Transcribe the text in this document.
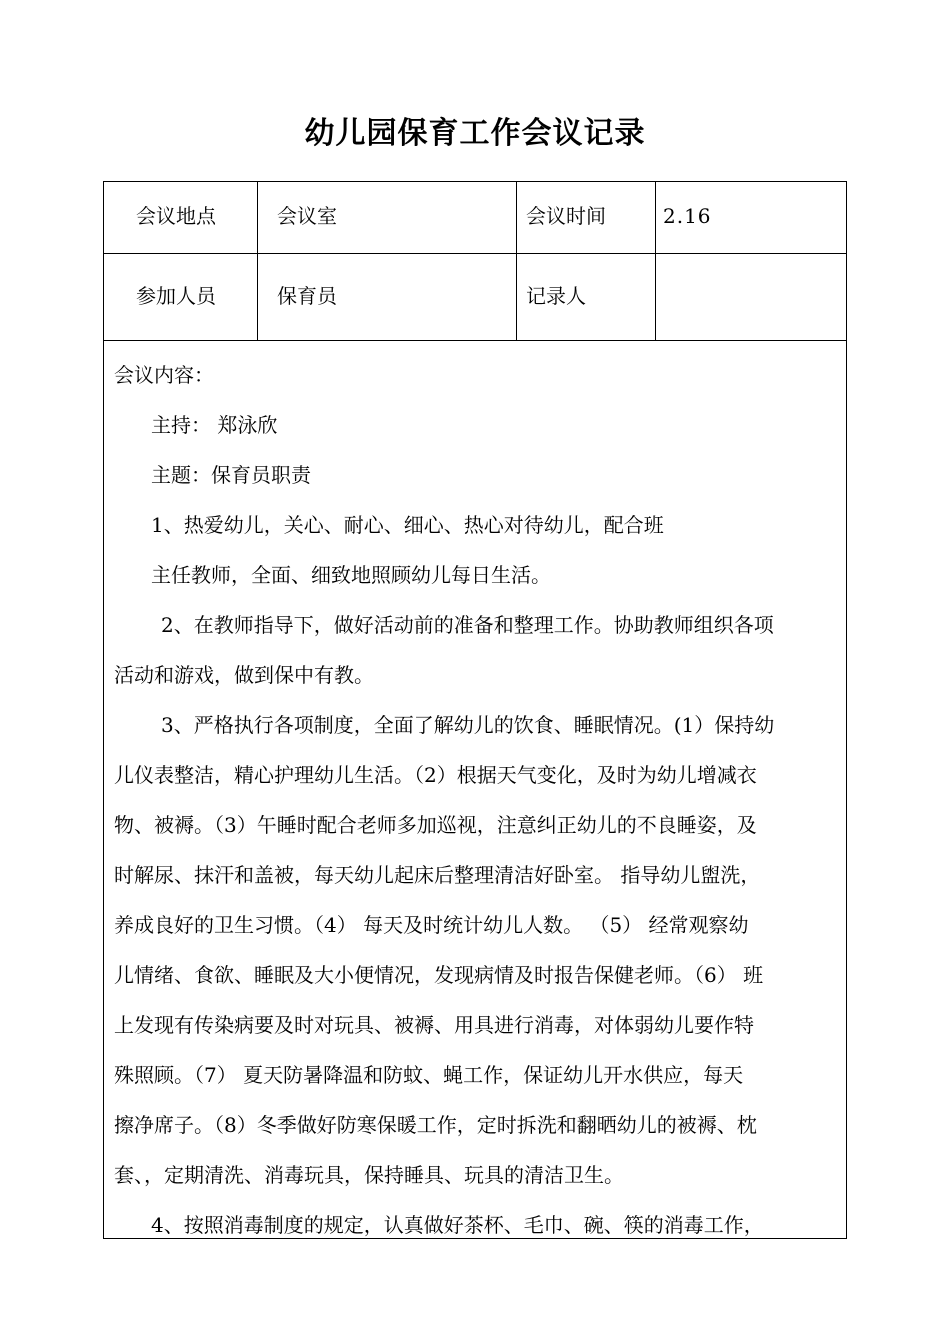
幼儿园保育工作会议记录
会议地点	会议室	会议时间	2.16
参加人员	保育员	记录人

会议内容：

主持： 郑泳欣

主题：保育员职责

1、热爱幼儿，关心、耐心、细心、热心对待幼儿，配合班

主任教师，全面、细致地照顾幼儿每日生活。

2、在教师指导下，做好活动前的准备和整理工作。协助教师组织各项

活动和游戏，做到保中有教。

3、严格执行各项制度，全面了解幼儿的饮食、睡眠情况。(1）保持幼

儿仪表整洁，精心护理幼儿生活。（2）根据天气变化，及时为幼儿增减衣

物、被褥。（3）午睡时配合老师多加巡视，注意纠正幼儿的不良睡姿，及

时解尿、抹汗和盖被，每天幼儿起床后整理清洁好卧室。 指导幼儿盥洗，

养成良好的卫生习惯。（4） 每天及时统计幼儿人数。 （5） 经常观察幼

儿情绪、食欲、睡眠及大小便情况，发现病情及时报告保健老师。（6） 班

上发现有传染病要及时对玩具、被褥、用具进行消毒，对体弱幼儿要作特

殊照顾。（7） 夏天防暑降温和防蚊、蝇工作，保证幼儿开水供应，每天

擦净席子。（8）冬季做好防寒保暖工作，定时拆洗和翻晒幼儿的被褥、枕

套、，定期清洗、消毒玩具，保持睡具、玩具的清洁卫生。

4、按照消毒制度的规定，认真做好茶杯、毛巾、碗、筷的消毒工作，
